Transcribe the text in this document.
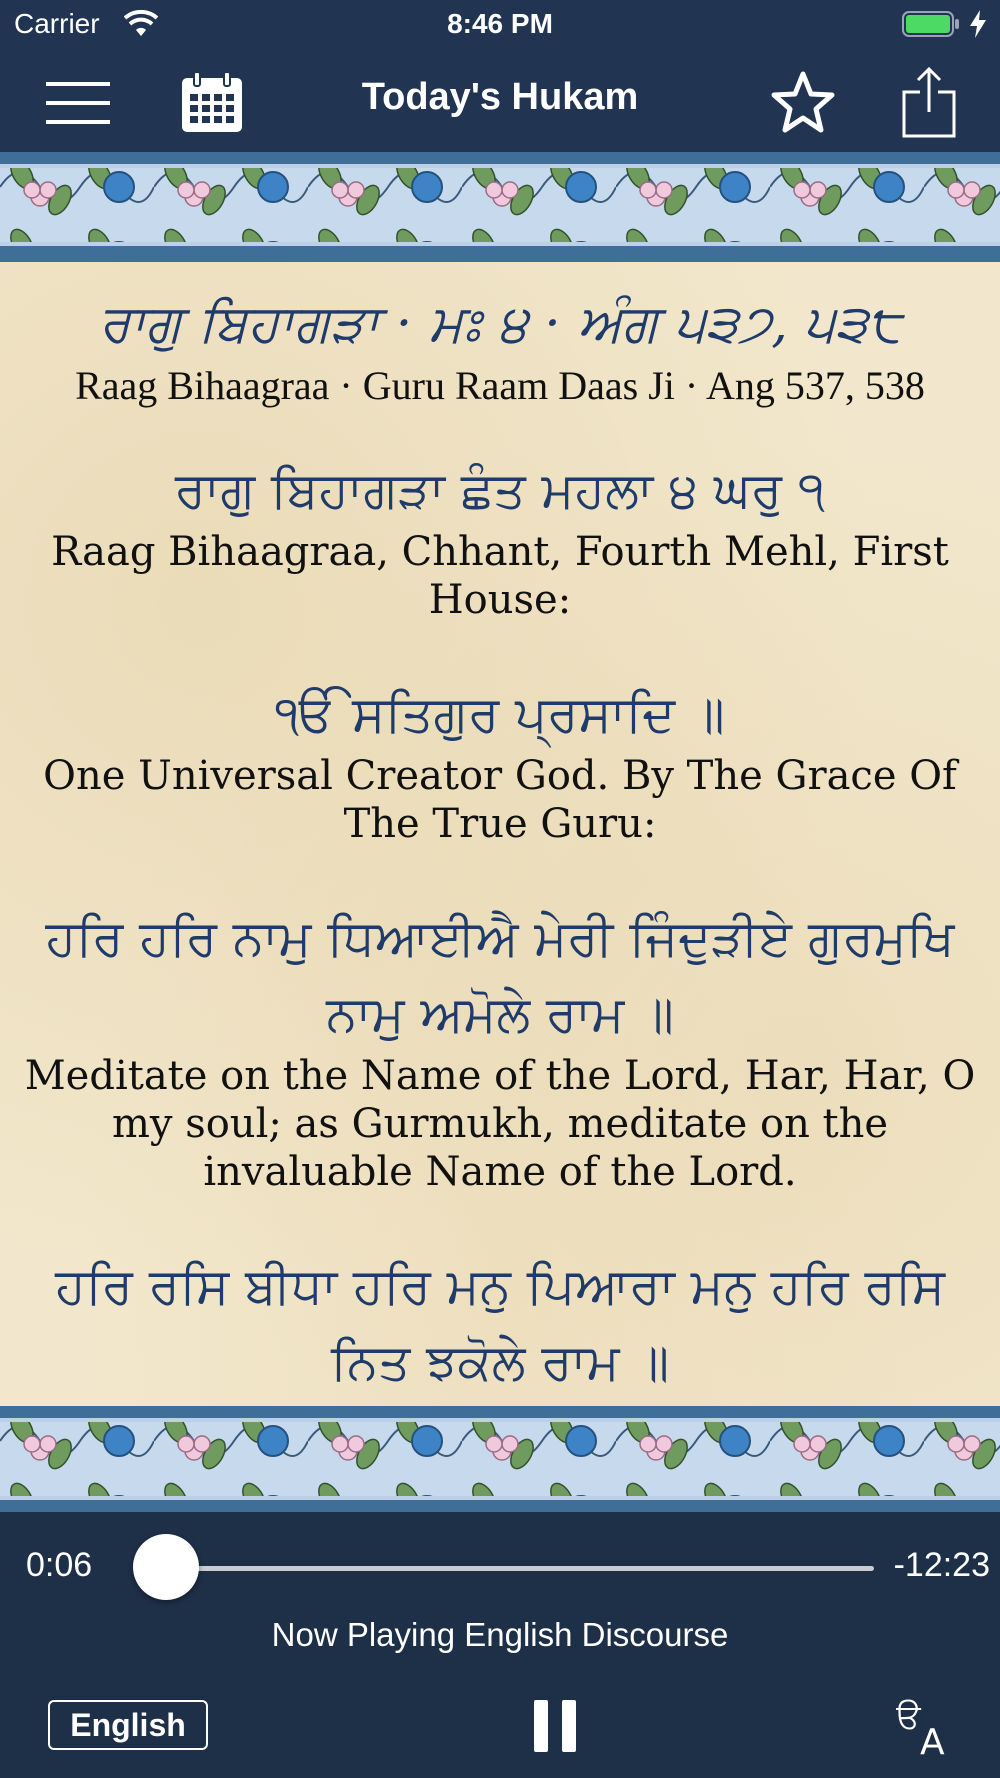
Carrier	8:46 PM
Today's Hukam
ਰਾਗੁ ਬਿਹਾਗੜਾ · ਮਃ ੪ · ਅੰਗ ੫੩੭, ੫੩੮
Raag Bihaagraa · Guru Raam Daas Ji · Ang 537, 538
ਰਾਗੁ ਬਿਹਾਗੜਾ ਛੰਤ ਮਹਲਾ ੪ ਘਰੁ ੧
Raag Bihaagraa, Chhant, Fourth Mehl, First House:
ੴ ਸਤਿਗੁਰ ਪ੍ਰਸਾਦਿ ॥
One Universal Creator God. By The Grace Of The True Guru:
ਹਰਿ ਹਰਿ ਨਾਮੁ ਧਿਆਈਐ ਮੇਰੀ ਜਿੰਦੁੜੀਏ ਗੁਰਮੁਖਿ ਨਾਮੁ ਅਮੋਲੇ ਰਾਮ ॥
Meditate on the Name of the Lord, Har, Har, O my soul; as Gurmukh, meditate on the invaluable Name of the Lord.
ਹਰਿ ਰਸਿ ਬੀਧਾ ਹਰਿ ਮਨੁ ਪਿਆਰਾ ਮਨੁ ਹਰਿ ਰਸਿ ਨਿਤ ਝਕੋਲੇ ਰਾਮ ॥
0:06	-12:23
Now Playing English Discourse
English	ੳ
A
